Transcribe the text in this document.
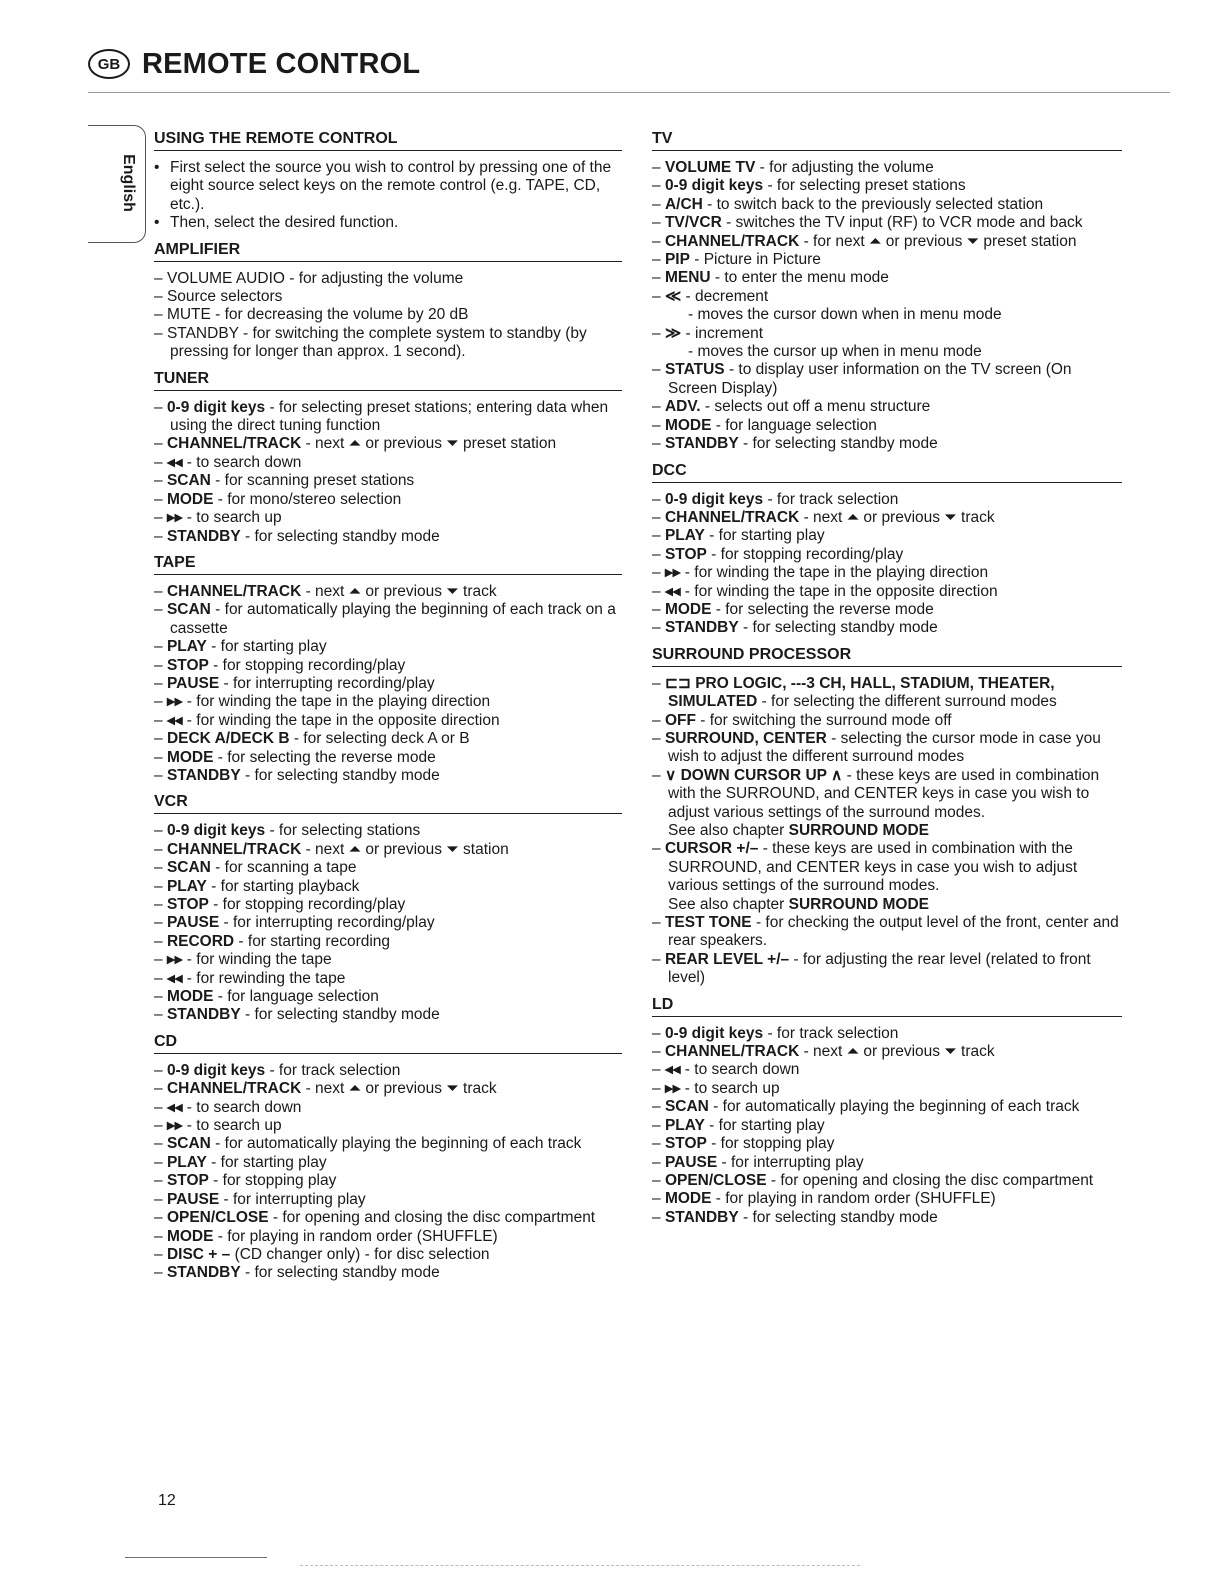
GB REMOTE CONTROL
English
USING THE REMOTE CONTROL
• First select the source you wish to control by pressing one of the eight source select keys on the remote control (e.g. TAPE, CD, etc.).
• Then, select the desired function.
AMPLIFIER
– VOLUME AUDIO - for adjusting the volume
– Source selectors
– MUTE - for decreasing the volume by 20 dB
– STANDBY - for switching the complete system to standby (by pressing for longer than approx. 1 second).
TUNER
– 0-9 digit keys - for selecting preset stations; entering data when using the direct tuning function
– CHANNEL/TRACK - next ⏶ or previous ⏷ preset station
– ◂◂ - to search down
– SCAN - for scanning preset stations
– MODE - for mono/stereo selection
– ▸▸ - to search up
– STANDBY - for selecting standby mode
TAPE
– CHANNEL/TRACK - next ⏶ or previous ⏷ track
– SCAN - for automatically playing the beginning of each track on a cassette
– PLAY - for starting play
– STOP - for stopping recording/play
– PAUSE - for interrupting recording/play
– ▸▸ - for winding the tape in the playing direction
– ◂◂ - for winding the tape in the opposite direction
– DECK A/DECK B - for selecting deck A or B
– MODE - for selecting the reverse mode
– STANDBY - for selecting standby mode
VCR
– 0-9 digit keys - for selecting stations
– CHANNEL/TRACK - next ⏶ or previous ⏷ station
– SCAN - for scanning a tape
– PLAY - for starting playback
– STOP - for stopping recording/play
– PAUSE - for interrupting recording/play
– RECORD - for starting recording
– ▸▸ - for winding the tape
– ◂◂ - for rewinding the tape
– MODE - for language selection
– STANDBY - for selecting standby mode
CD
– 0-9 digit keys - for track selection
– CHANNEL/TRACK - next ⏶ or previous ⏷ track
– ◂◂ - to search down
– ▸▸ - to search up
– SCAN - for automatically playing the beginning of each track
– PLAY - for starting play
– STOP - for stopping play
– PAUSE - for interrupting play
– OPEN/CLOSE - for opening and closing the disc compartment
– MODE - for playing in random order (SHUFFLE)
– DISC + – (CD changer only) - for disc selection
– STANDBY - for selecting standby mode
TV
– VOLUME TV - for adjusting the volume
– 0-9 digit keys - for selecting preset stations
– A/CH - to switch back to the previously selected station
– TV/VCR - switches the TV input (RF) to VCR mode and back
– CHANNEL/TRACK - for next ⏶ or previous ⏷ preset station
– PIP - Picture in Picture
– MENU - to enter the menu mode
– ≪ - decrement
- moves the cursor down when in menu mode
– ≫ - increment
- moves the cursor up when in menu mode
– STATUS - to display user information on the TV screen (On Screen Display)
– ADV. - selects out off a menu structure
– MODE - for language selection
– STANDBY - for selecting standby mode
DCC
– 0-9 digit keys - for track selection
– CHANNEL/TRACK - next ⏶ or previous ⏷ track
– PLAY - for starting play
– STOP - for stopping recording/play
– ▸▸ - for winding the tape in the playing direction
– ◂◂ - for winding the tape in the opposite direction
– MODE - for selecting the reverse mode
– STANDBY - for selecting standby mode
SURROUND PROCESSOR
– ⊏⊐ PRO LOGIC, ---3 CH, HALL, STADIUM, THEATER, SIMULATED - for selecting the different surround modes
– OFF - for switching the surround mode off
– SURROUND, CENTER - selecting the cursor mode in case you wish to adjust the different surround modes
– ∨ DOWN CURSOR UP ∧ - these keys are used in combination with the SURROUND, and CENTER keys in case you wish to adjust various settings of the surround modes.
See also chapter SURROUND MODE
– CURSOR +/– - these keys are used in combination with the SURROUND, and CENTER keys in case you wish to adjust various settings of the surround modes.
See also chapter SURROUND MODE
– TEST TONE - for checking the output level of the front, center and rear speakers.
– REAR LEVEL +/– - for adjusting the rear level (related to front level)
LD
– 0-9 digit keys - for track selection
– CHANNEL/TRACK - next ⏶ or previous ⏷ track
– ◂◂ - to search down
– ▸▸ - to search up
– SCAN - for automatically playing the beginning of each track
– PLAY - for starting play
– STOP - for stopping play
– PAUSE - for interrupting play
– OPEN/CLOSE - for opening and closing the disc compartment
– MODE - for playing in random order (SHUFFLE)
– STANDBY - for selecting standby mode
12
